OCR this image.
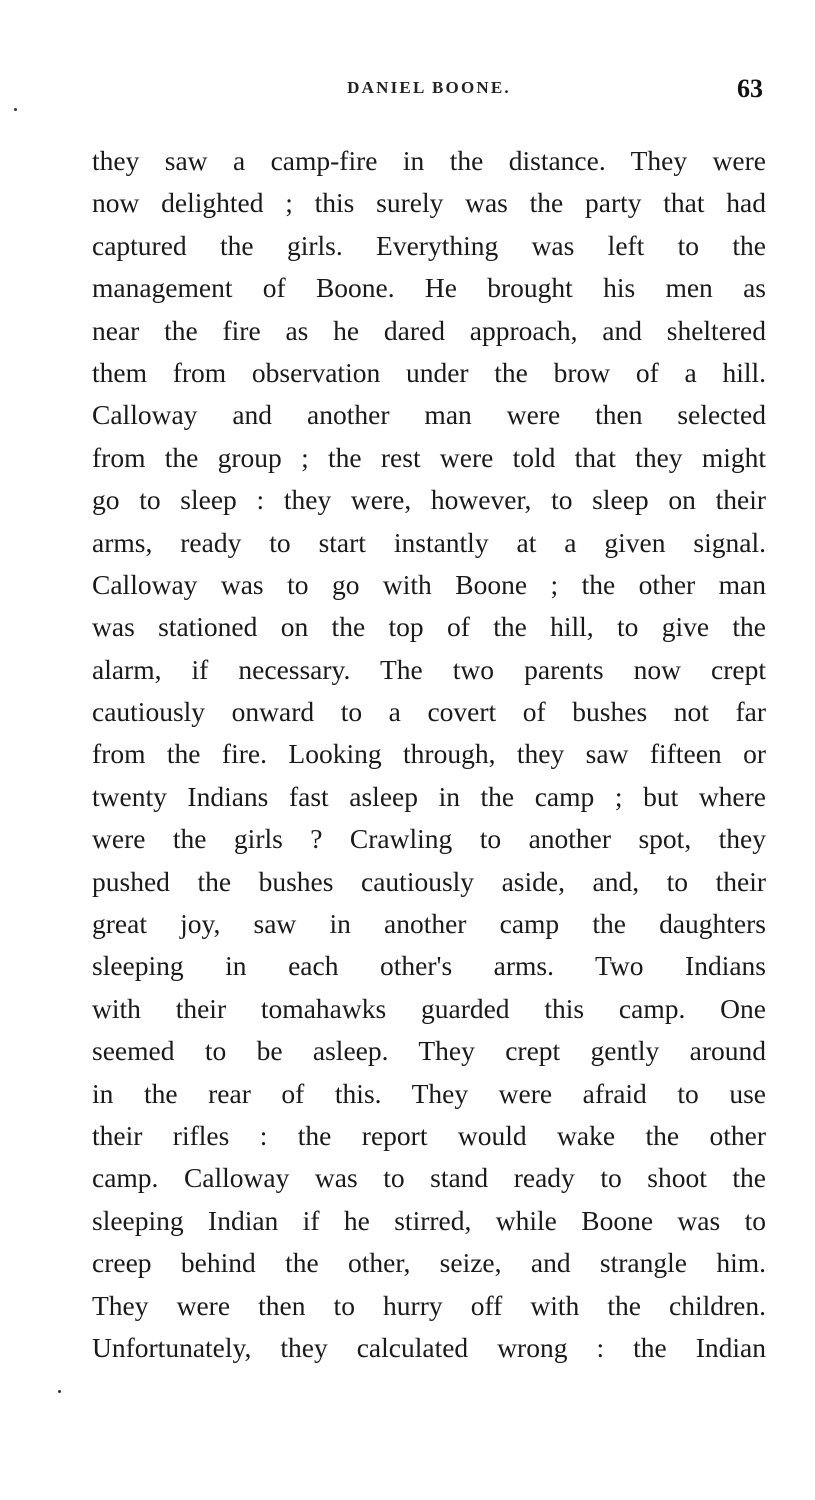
DANIEL BOONE.	63
they saw a camp-fire in the distance. They were
now delighted ; this surely was the party that had
captured the girls. Everything was left to the
management of Boone. He brought his men as
near the fire as he dared approach, and sheltered
them from observation under the brow of a hill.
Calloway and another man were then selected
from the group ; the rest were told that they might
go to sleep : they were, however, to sleep on their
arms, ready to start instantly at a given signal.
Calloway was to go with Boone ; the other man
was stationed on the top of the hill, to give the
alarm, if necessary. The two parents now crept
cautiously onward to a covert of bushes not far
from the fire. Looking through, they saw fifteen or
twenty Indians fast asleep in the camp ; but where
were the girls ? Crawling to another spot, they
pushed the bushes cautiously aside, and, to their
great joy, saw in another camp the daughters
sleeping in each other's arms. Two Indians
with their tomahawks guarded this camp. One
seemed to be asleep. They crept gently around
in the rear of this. They were afraid to use
their rifles : the report would wake the other
camp. Calloway was to stand ready to shoot the
sleeping Indian if he stirred, while Boone was to
creep behind the other, seize, and strangle him.
They were then to hurry off with the children.
Unfortunately, they calculated wrong : the Indian
